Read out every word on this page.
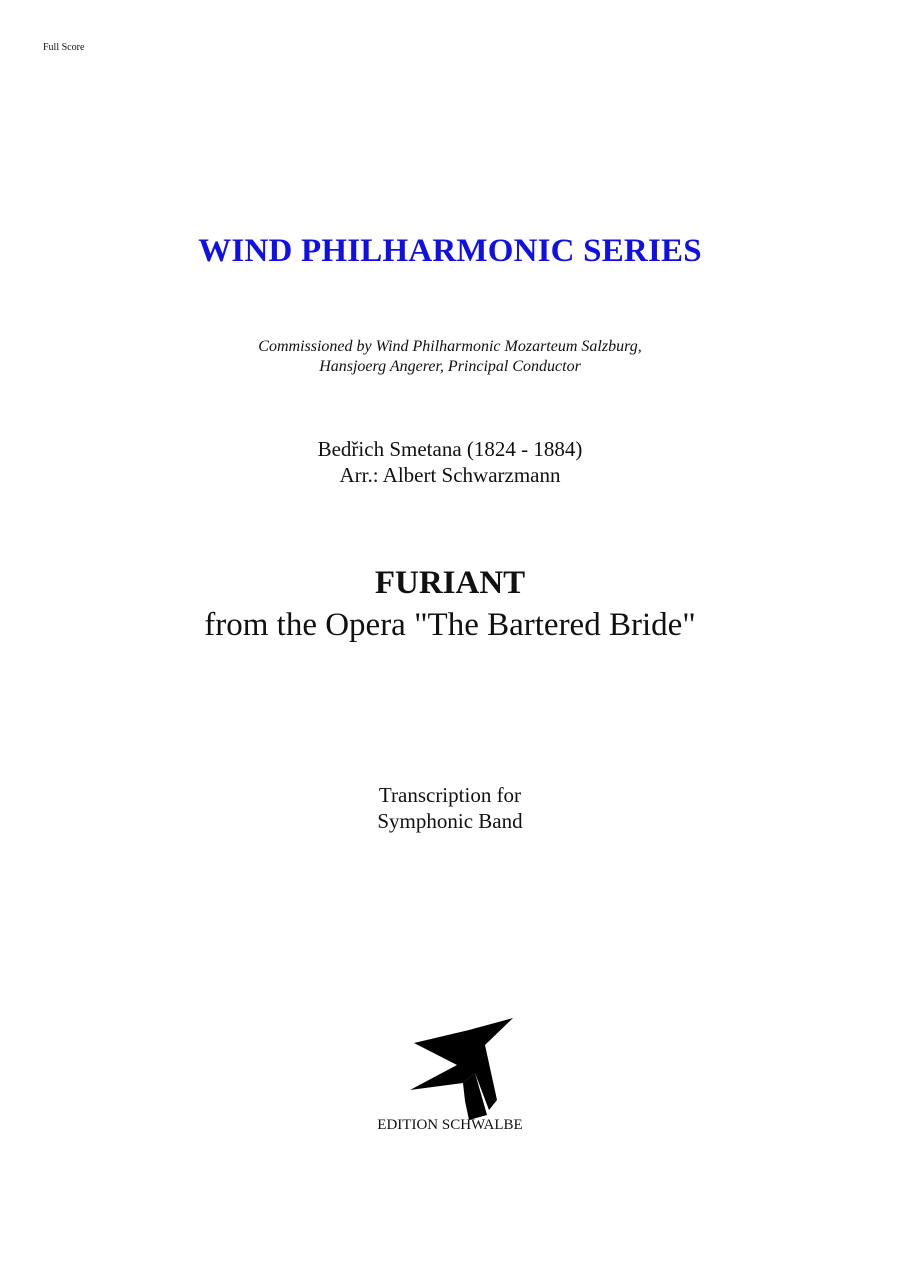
Full Score
WIND PHILHARMONIC SERIES
Commissioned by Wind Philharmonic Mozarteum Salzburg,
Hansjoerg Angerer, Principal Conductor
Bedřich Smetana (1824 - 1884)
Arr.: Albert Schwarzmann
FURIANT
from the Opera "The Bartered Bride"
Transcription for
Symphonic Band
EDITION SCHWALBE
